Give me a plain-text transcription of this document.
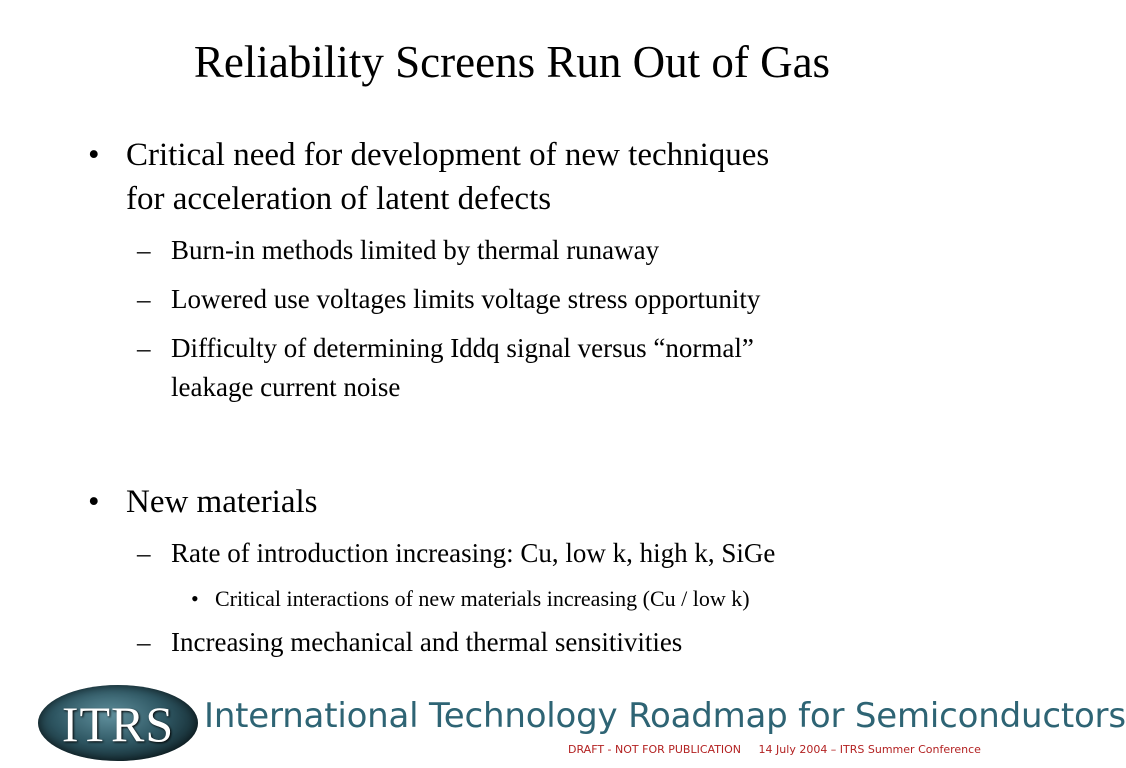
Reliability Screens Run Out of Gas
• Critical need for development of new techniques
for acceleration of latent defects
– Burn-in methods limited by thermal runaway
– Lowered use voltages limits voltage stress opportunity
– Difficulty of determining Iddq signal versus “normal”
leakage current noise
• New materials
– Rate of introduction increasing: Cu, low k, high k, SiGe
• Critical interactions of new materials increasing (Cu / low k)
– Increasing mechanical and thermal sensitivities
ITRS International Technology Roadmap for Semiconductors
DRAFT - NOT FOR PUBLICATION 14 July 2004 – ITRS Summer Conference
